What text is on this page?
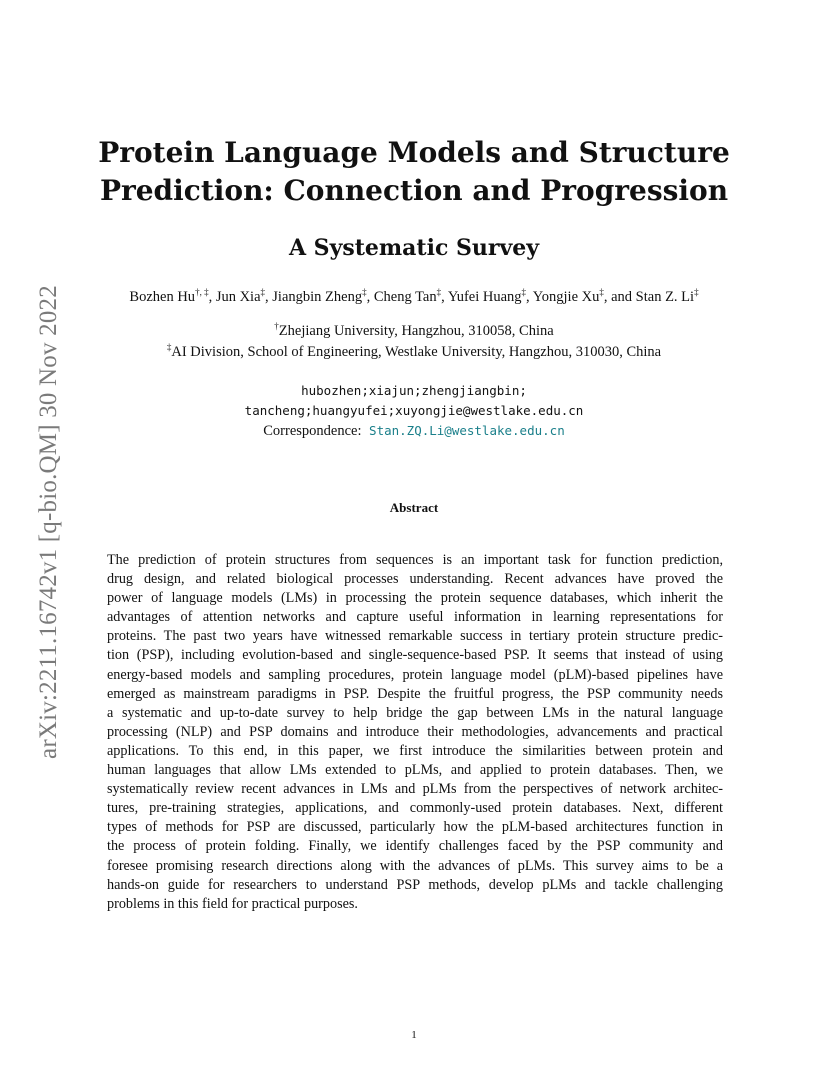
arXiv:2211.16742v1 [q-bio.QM] 30 Nov 2022
Protein Language Models and Structure
Prediction: Connection and Progression
A Systematic Survey
Bozhen Hu†, ‡, Jun Xia‡, Jiangbin Zheng‡, Cheng Tan‡, Yufei Huang‡, Yongjie Xu‡, and Stan Z. Li‡
†Zhejiang University, Hangzhou, 310058, China
‡AI Division, School of Engineering, Westlake University, Hangzhou, 310030, China
hubozhen;xiajun;zhengjiangbin;
tancheng;huangyufei;xuyongjie@westlake.edu.cn
Correspondence: Stan.ZQ.Li@westlake.edu.cn
Abstract
The prediction of protein structures from sequences is an important task for function prediction,
drug design, and related biological processes understanding. Recent advances have proved the
power of language models (LMs) in processing the protein sequence databases, which inherit the
advantages of attention networks and capture useful information in learning representations for
proteins. The past two years have witnessed remarkable success in tertiary protein structure predic-
tion (PSP), including evolution-based and single-sequence-based PSP. It seems that instead of using
energy-based models and sampling procedures, protein language model (pLM)-based pipelines have
emerged as mainstream paradigms in PSP. Despite the fruitful progress, the PSP community needs
a systematic and up-to-date survey to help bridge the gap between LMs in the natural language
processing (NLP) and PSP domains and introduce their methodologies, advancements and practical
applications. To this end, in this paper, we first introduce the similarities between protein and
human languages that allow LMs extended to pLMs, and applied to protein databases. Then, we
systematically review recent advances in LMs and pLMs from the perspectives of network architec-
tures, pre-training strategies, applications, and commonly-used protein databases. Next, different
types of methods for PSP are discussed, particularly how the pLM-based architectures function in
the process of protein folding. Finally, we identify challenges faced by the PSP community and
foresee promising research directions along with the advances of pLMs. This survey aims to be a
hands-on guide for researchers to understand PSP methods, develop pLMs and tackle challenging
problems in this field for practical purposes.
1
